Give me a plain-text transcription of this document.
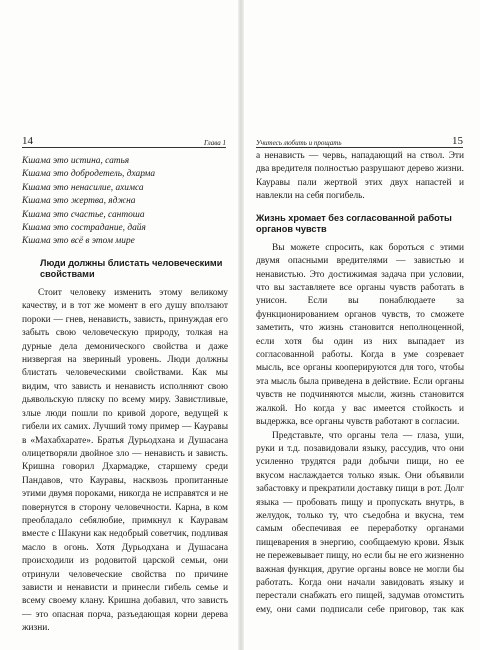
14	Глава 1
Кшама это истина, сатья
Кшама это добродетель, дхарма
Кшама это ненасилие, ахимса
Кшама это жертва, яджна
Кшама это счастье, сантоша
Кшама это сострадание, дайя
Кшама это всё в этом мире
Люди должны блистать человеческими свойствами

Стоит человеку изменить этому великому качеству, и в тот же момент в его душу вползают пороки — гнев, ненависть, зависть, принуждая его забыть свою человеческую природу, толкая на дурные дела демонического свойства и даже низвергая на звериный уровень. Люди должны блистать человеческими свойствами. Как мы видим, что зависть и ненависть исполняют свою дьявольскую пляску по всему миру. Завистливые, злые люди пошли по кривой дороге, ведущей к гибели их самих. Лучший тому пример — Кауравы в «Махабхарате». Братья Дурьодхана и Душасана олицетворяли двойное зло — ненависть и зависть. Кришна говорил Дхармадже, старшему среди Пандавов, что Кауравы, насквозь пропитанные этими двумя пороками, никогда не исправятся и не повернутся в сторону человечности. Карна, в ком преобладало себялюбие, примкнул к Кауравам вместе с Шакуни как недобрый советчик, подливая масло в огонь. Хотя Дурьодхана и Душасана происходили из родовитой царской семьи, они отринули человеческие свойства по причине зависти и ненависти и принесли гибель семье и всему своему клану. Кришна добавил, что зависть — это опасная порча, разъедающая корни дерева жизни.

Учитесь любить и прощать	15

а ненависть — червь, нападающий на ствол. Эти два вредителя полностью разрушают дерево жизни. Кауравы пали жертвой этих двух напастей и навлекли на себя погибель.

Жизнь хромает без согласованной работы органов чувств

Вы можете спросить, как бороться с этими двумя опасными вредителями — завистью и ненавистью. Это достижимая задача при условии, что вы заставляете все органы чувств работать в унисон. Если вы понаблюдаете за функционированием органов чувств, то сможете заметить, что жизнь становится неполноценной, если хотя бы один из них выпадает из согласованной работы. Когда в уме созревает мысль, все органы кооперируются для того, чтобы эта мысль была приведена в действие. Если органы чувств не подчиняются мысли, жизнь становится жалкой. Но когда у вас имеется стойкость и выдержка, все органы чувств работают в согласии.

Представьте, что органы тела — глаза, уши, руки и т.д. позавидовали языку, рассудив, что они усиленно трудятся ради добычи пищи, но ее вкусом наслаждается только язык. Они объявили забастовку и прекратили доставку пищи в рот. Долг языка — пробовать пищу и пропускать внутрь, в желудок, только ту, что съедобна и вкусна, тем самым обеспечивая ее переработку органами пищеварения в энергию, сообщаемую крови. Язык не пережевывает пищу, но если бы не его жизненно важная функция, другие органы вовсе не могли бы работать. Когда они начали завидовать языку и перестали снабжать его пищей, задумав отомстить ему, они сами подписали себе приговор, так как
